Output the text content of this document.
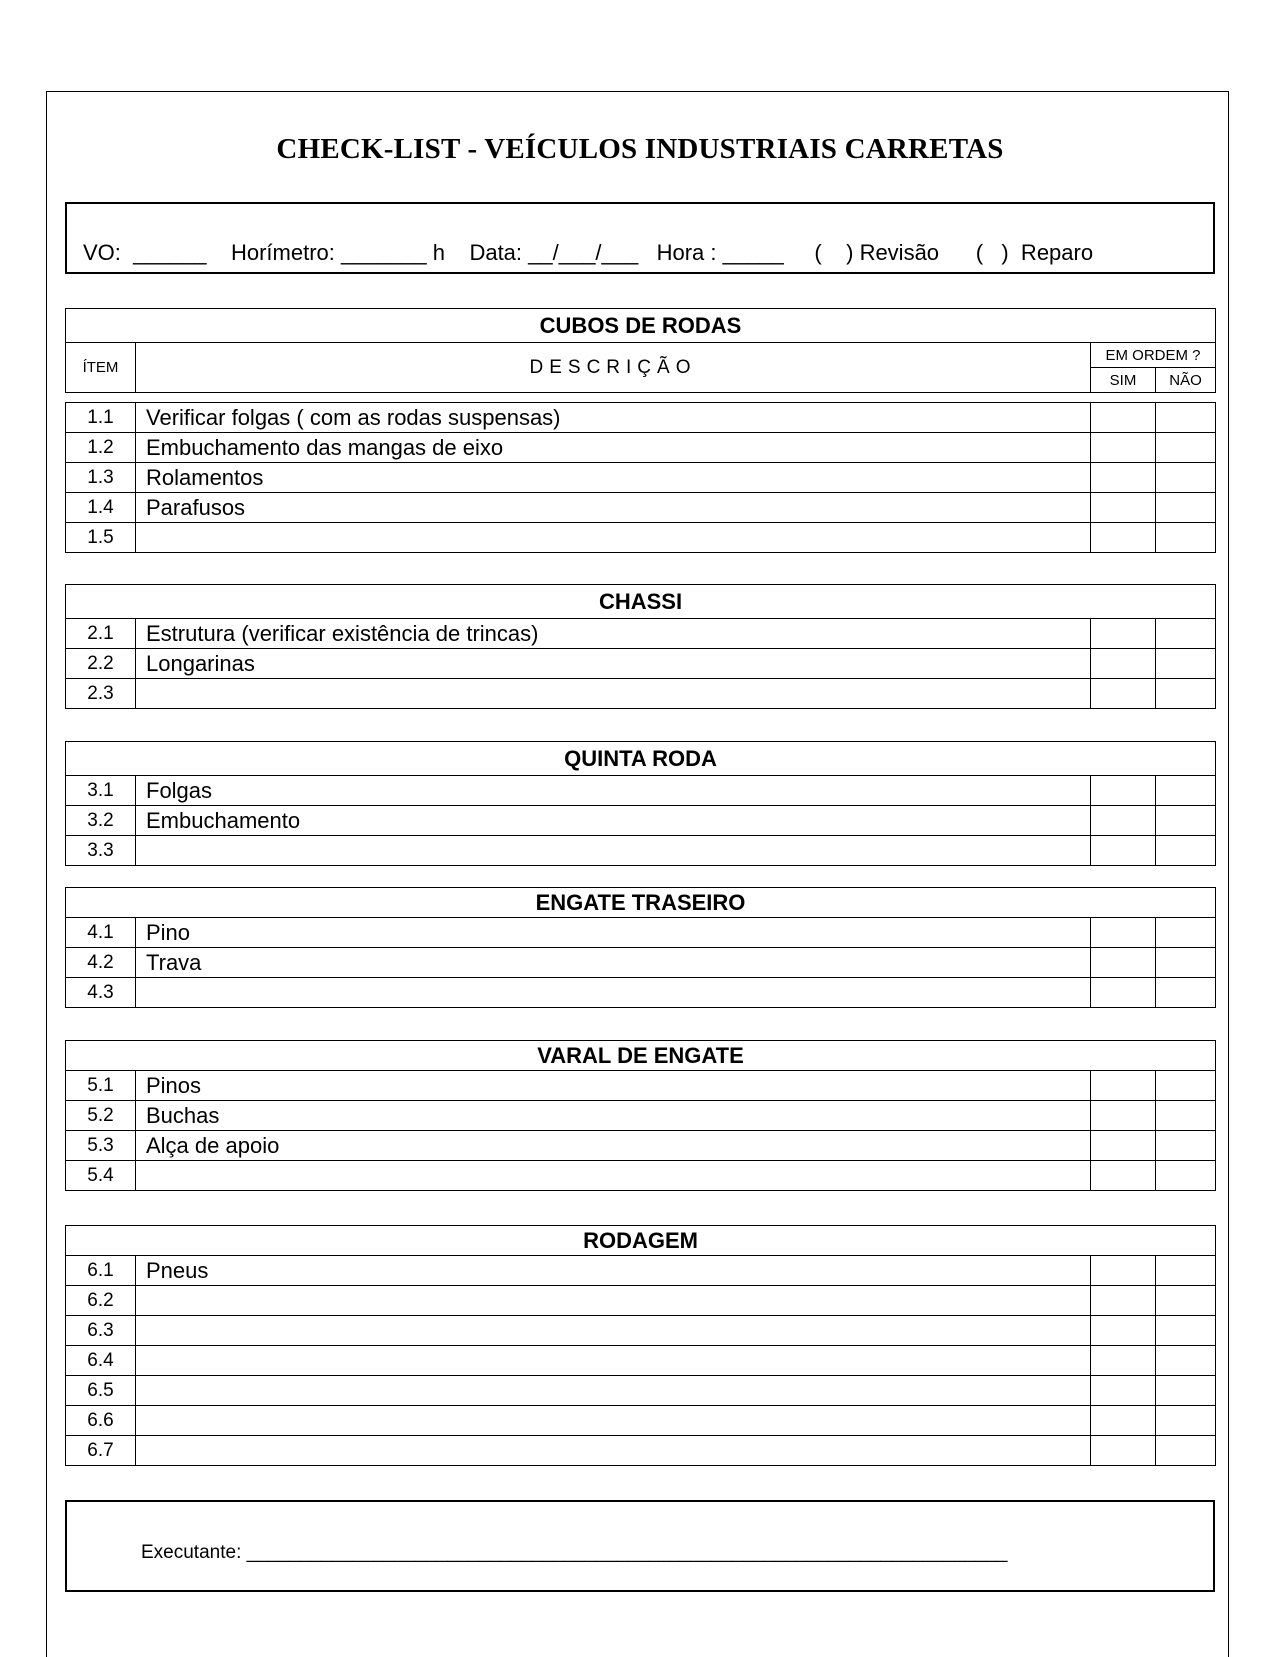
CHECK-LIST - VEÍCULOS INDUSTRIAIS CARRETAS
VO:  ______    Horímetro: _______ h    Data: __/___/___   Hora : _____     (    ) Revisão      (   )  Reparo
CUBOS DE RODAS			
ÍTEM	DESCRIÇÃO	EM ORDEM ?	
		SIM	NÃO
1.1	Verificar folgas ( com as rodas suspensas)		
1.2	Embuchamento das mangas de eixo		
1.3	Rolamentos		
1.4	Parafusos		
1.5			
CHASSI			
2.1	Estrutura (verificar existência de trincas)		
2.2	Longarinas		
2.3			
QUINTA RODA			
3.1	Folgas		
3.2	Embuchamento		
3.3			
ENGATE TRASEIRO			
4.1	Pino		
4.2	Trava		
4.3			
VARAL DE ENGATE			
5.1	Pinos		
5.2	Buchas		
5.3	Alça de apoio		
5.4			
RODAGEM			
6.1	Pneus		
6.2			
6.3			
6.4			
6.5			
6.6			
6.7			
Executante: ________________________________________________________________________
